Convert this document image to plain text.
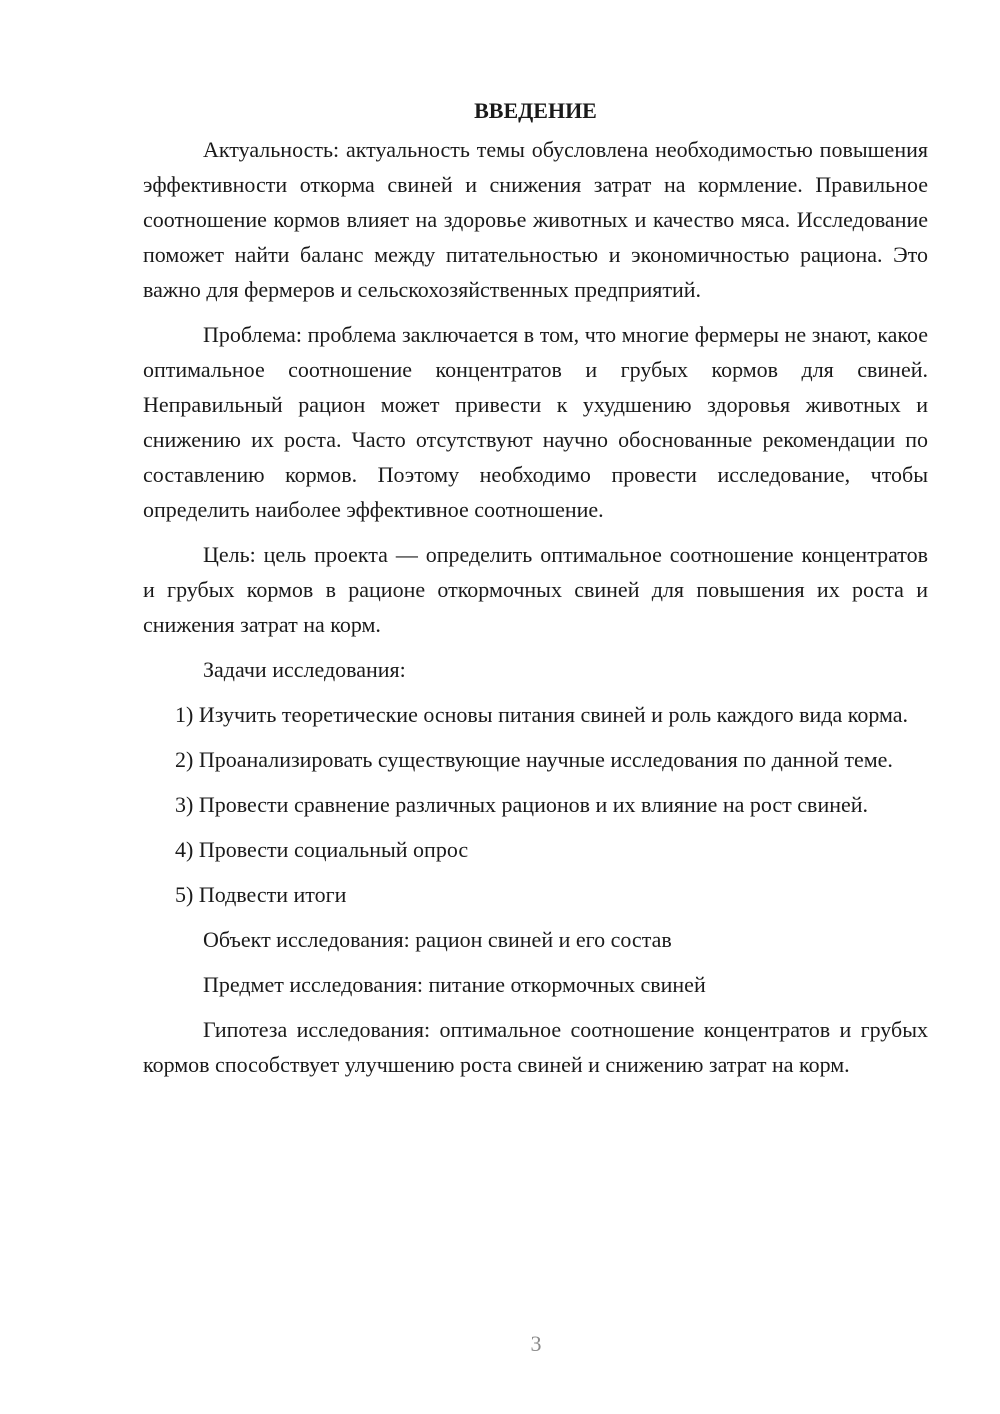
ВВЕДЕНИЕ

Актуальность: актуальность темы обусловлена необходимостью повышения эффективности откорма свиней и снижения затрат на кормление. Правильное соотношение кормов влияет на здоровье животных и качество мяса. Исследование поможет найти баланс между питательностью и экономичностью рациона. Это важно для фермеров и сельскохозяйственных предприятий.

Проблема: проблема заключается в том, что многие фермеры не знают, какое оптимальное соотношение концентратов и грубых кормов для свиней. Неправильный рацион может привести к ухудшению здоровья животных и снижению их роста. Часто отсутствуют научно обоснованные рекомендации по составлению кормов. Поэтому необходимо провести исследование, чтобы определить наиболее эффективное соотношение.

Цель: цель проекта — определить оптимальное соотношение концентратов и грубых кормов в рационе откормочных свиней для повышения их роста и снижения затрат на корм.

Задачи исследования:

1) Изучить теоретические основы питания свиней и роль каждого вида корма.

2) Проанализировать существующие научные исследования по данной теме.

3) Провести сравнение различных рационов и их влияние на рост свиней.

4) Провести социальный опрос

5) Подвести итоги

Объект исследования: рацион свиней и его состав

Предмет исследования: питание откормочных свиней

Гипотеза исследования: оптимальное соотношение концентратов и грубых кормов способствует улучшению роста свиней и снижению затрат на корм.

3
